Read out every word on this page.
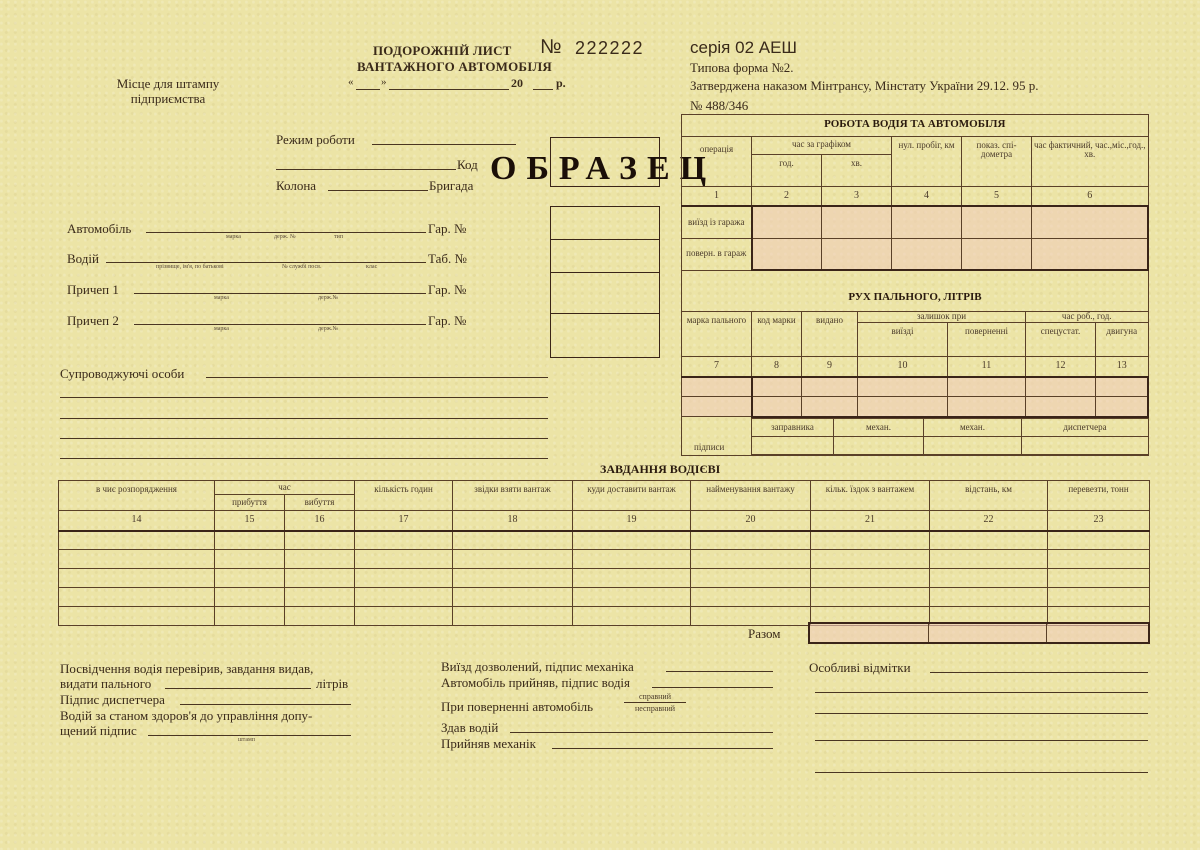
Місце для штампу
підприємства
ПОДОРОЖНІЙ ЛИСТ № 222222
ВАНТАЖНОГО АВТОМОБІЛЯ
«	»	20	р.
серія 02 АЕШ
Типова форма №2.
Затверджена наказом Мінтрансу, Мінстату України 29.12. 95 р.
№ 488/346
Режим роботи
Код
Колона	Бригада ОБРАЗЕЦ
Автомобіль	Гар. №
марка	держ. №	тип
Водій	Таб. №
прізвище, ім'я, по батькові	№ службі посв.	клас
Причеп 1	Гар. №
марка	держ.№
Причеп 2	Гар. №
марка	держ.№
Супроводжуючі особи
РОБОТА ВОДІЯ ТА АВТОМОБІЛЯ					
операція	час за графіком		нул. пробіг, км	показ. спі-дометра	час фактичний, час.,міс.,год., хв.
	год.	хв.			
1	2	3	4	5	6
виїзд із гаража					
поверн. в гараж					
РУХ ПАЛЬНОГО, ЛІТРІВ
марка пального	код марки	видано	залишок при		час роб., год.	
			виїзді	поверненні	спецустат.	двигуна
7	8	9	10	11	12	13

заправника	механ.	механ.	диспетчера

підписи
ЗАВДАННЯ ВОДІЄВІ
в чиє розпорядження	час		кількість годин	звідки взяти вантаж	куди доставити вантаж	найменування вантажу	кільк. їздок з вантажем	відстань, км	перевезти, тонн
	прибуття	вибуття							
14	15	16	17	18	19	20	21	22	23

Разом

Посвідчення водія перевірив, завдання видав,
видати пального	літрів
Підпис диспетчера
Водій за станом здоров'я до управління допу-
щений підпис
штамп
Виїзд дозволений, підпис механіка
Автомобіль прийняв, підпис водія
При поверненні автомобіль
справний
несправний
Здав водій
Прийняв механік
Особливі відмітки
